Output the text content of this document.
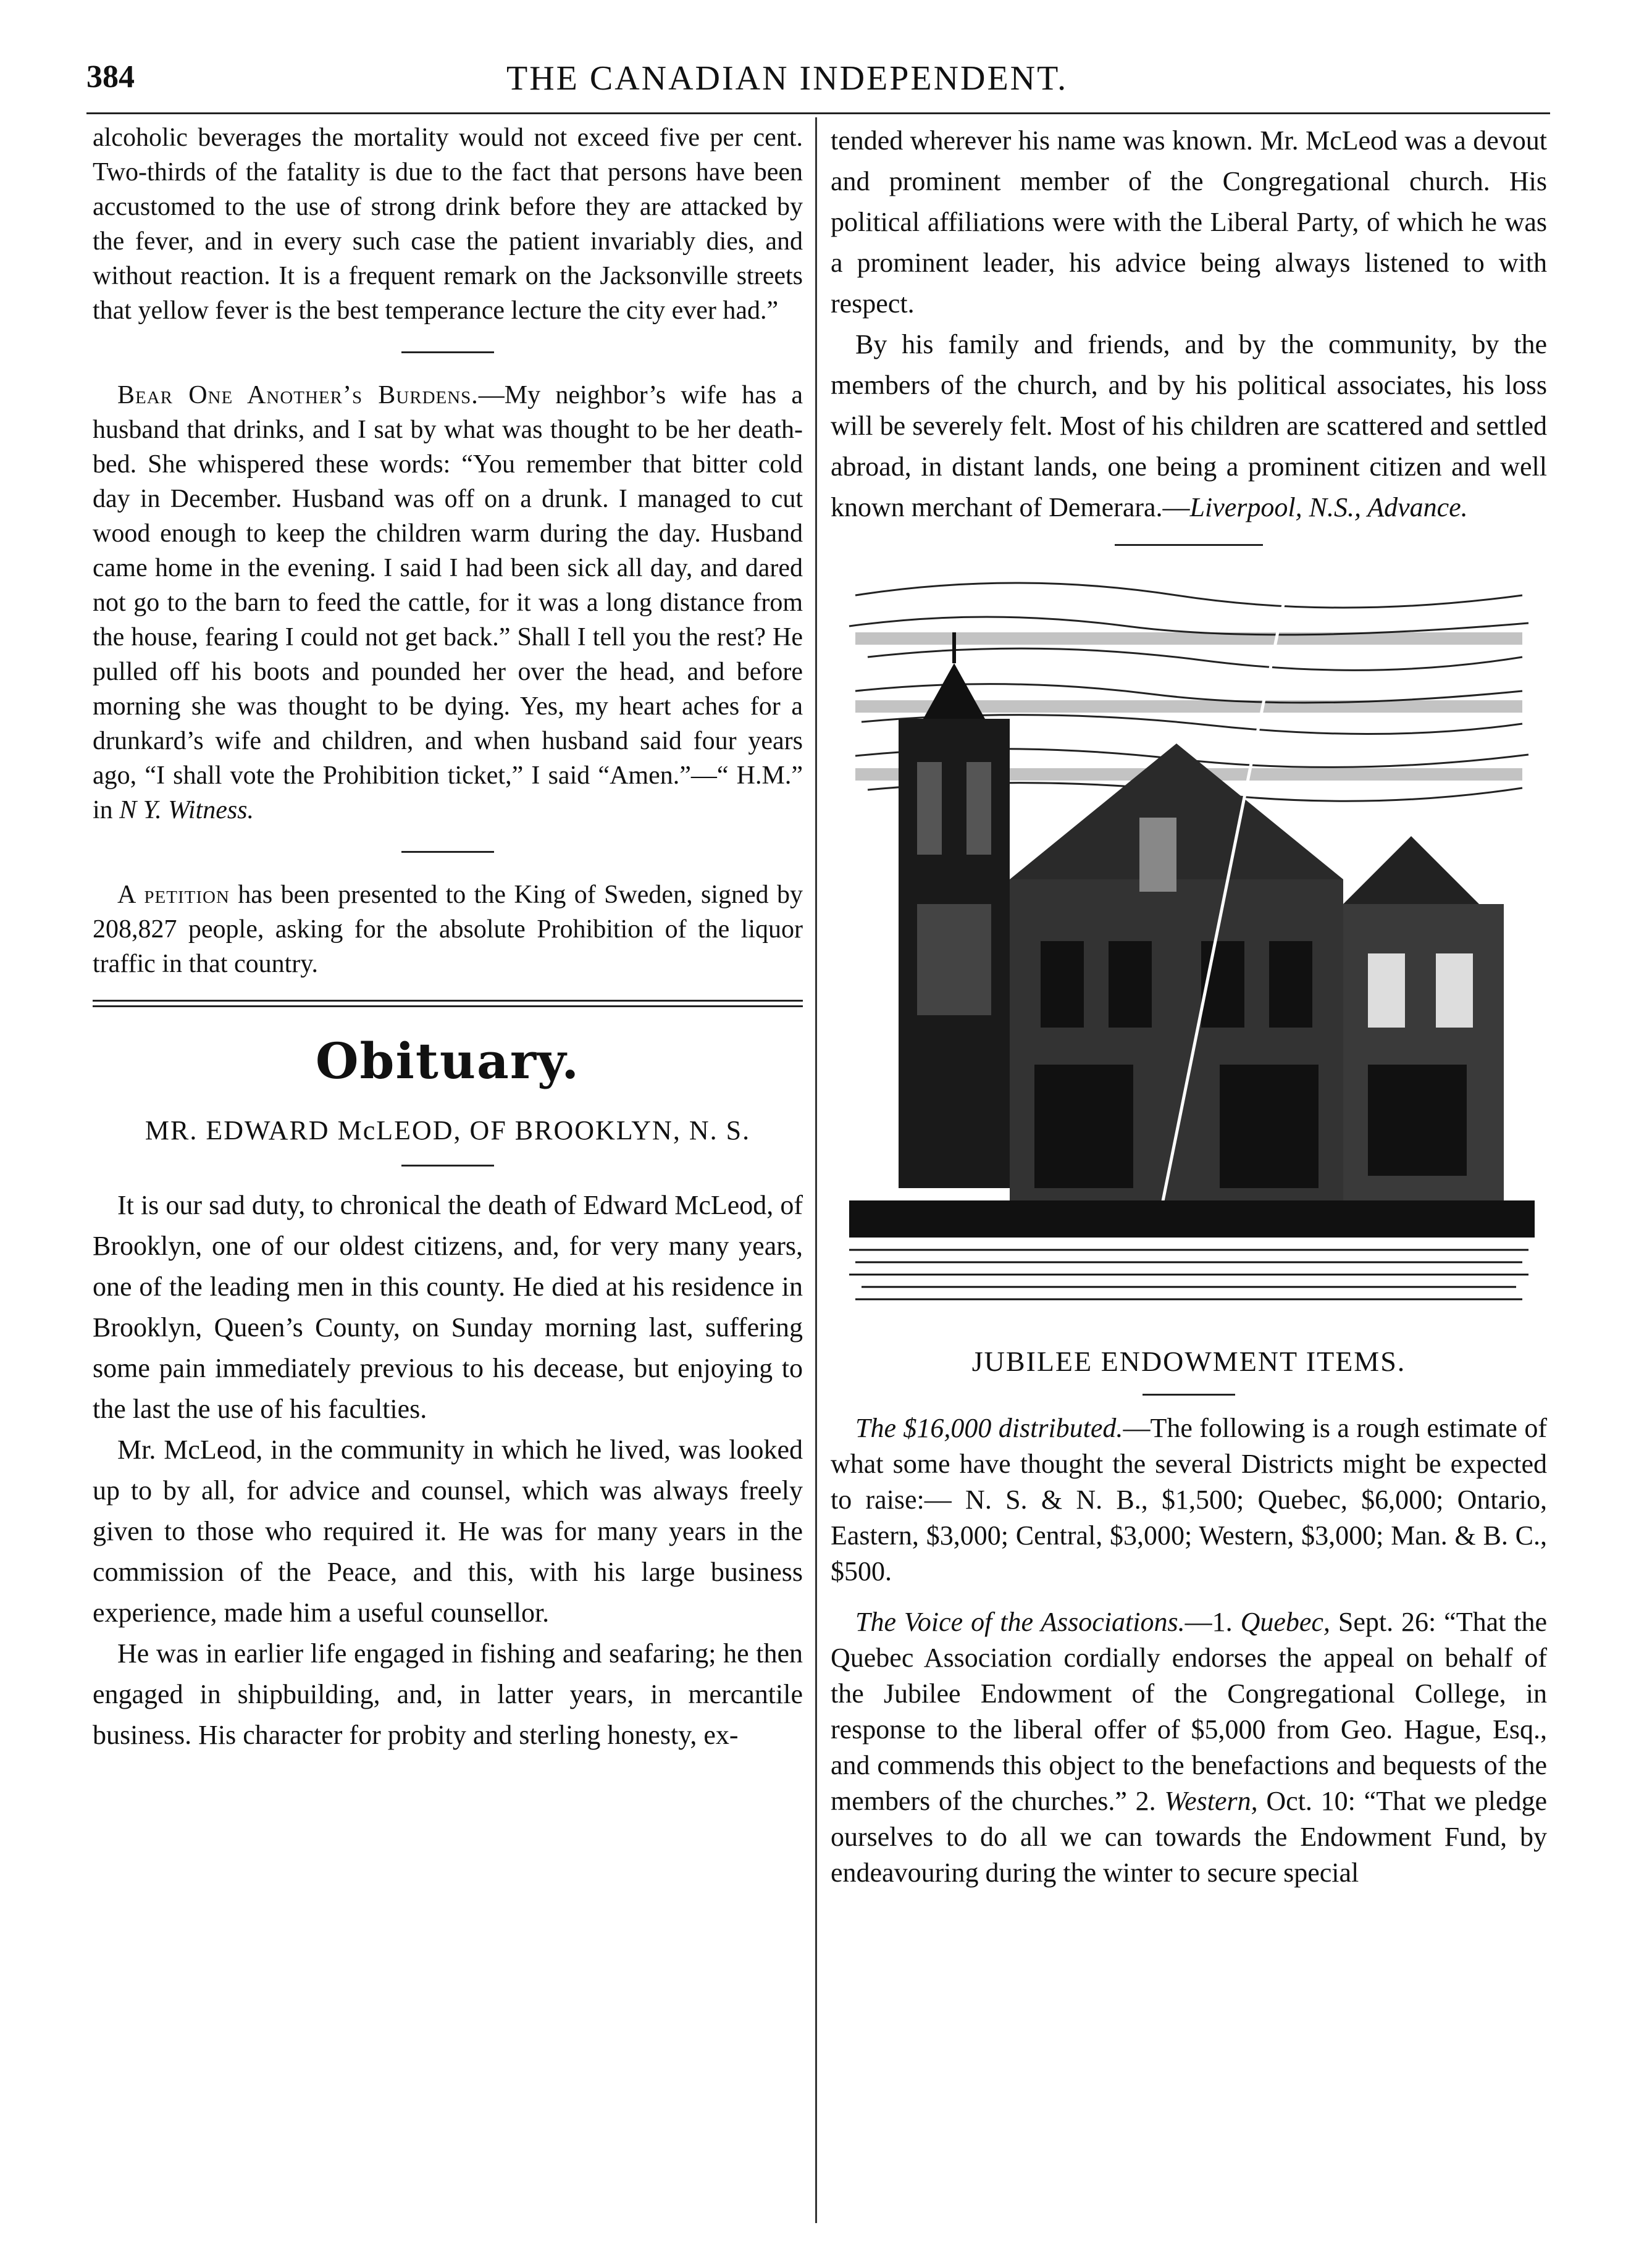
384	THE CANADIAN INDEPENDENT.

alcoholic beverages the mortality would not exceed five per cent. Two-thirds of the fatality is due to the fact that persons have been accustomed to the use of strong drink before they are attacked by the fever, and in every such case the patient invariably dies, and without reaction. It is a frequent remark on the Jacksonville streets that yellow fever is the best temperance lecture the city ever had.”

Bear One Another’s Burdens.—My neighbor’s wife has a husband that drinks, and I sat by what was thought to be her death-bed. She whispered these words: “You remember that bitter cold day in December. Husband was off on a drunk. I managed to cut wood enough to keep the children warm during the day. Husband came home in the evening. I said I had been sick all day, and dared not go to the barn to feed the cattle, for it was a long distance from the house, fearing I could not get back.” Shall I tell you the rest? He pulled off his boots and pounded her over the head, and before morning she was thought to be dying. Yes, my heart aches for a drunkard’s wife and children, and when husband said four years ago, “I shall vote the Prohibition ticket,” I said “Amen.”—“ H.M.” in N Y. Witness.

A petition has been presented to the King of Sweden, signed by 208,827 people, asking for the absolute Prohibition of the liquor traffic in that country.

Obituary.

MR. EDWARD McLEOD, OF BROOKLYN, N. S.

It is our sad duty, to chronical the death of Edward McLeod, of Brooklyn, one of our oldest citizens, and, for very many years, one of the leading men in this county. He died at his residence in Brooklyn, Queen’s County, on Sunday morning last, suffering some pain immediately previous to his decease, but enjoying to the last the use of his faculties.

Mr. McLeod, in the community in which he lived, was looked up to by all, for advice and counsel, which was always freely given to those who required it. He was for many years in the commission of the Peace, and this, with his large business experience, made him a useful counsellor.

He was in earlier life engaged in fishing and seafaring; he then engaged in shipbuilding, and, in latter years, in mercantile business. His character for probity and sterling honesty, ex-

tended wherever his name was known. Mr. McLeod was a devout and prominent member of the Congregational church. His political affiliations were with the Liberal Party, of which he was a prominent leader, his advice being always listened to with respect.

By his family and friends, and by the community, by the members of the church, and by his political associates, his loss will be severely felt. Most of his children are scattered and settled abroad, in distant lands, one being a prominent citizen and well known merchant of Demerara.—Liverpool, N.S., Advance.

JUBILEE ENDOWMENT ITEMS.

The $16,000 distributed.—The following is a rough estimate of what some have thought the several Districts might be expected to raise:— N. S. & N. B., $1,500; Quebec, $6,000; Ontario, Eastern, $3,000; Central, $3,000; Western, $3,000; Man. & B. C., $500.

The Voice of the Associations.—1. Quebec, Sept. 26: “That the Quebec Association cordially endorses the appeal on behalf of the Jubilee Endowment of the Congregational College, in response to the liberal offer of $5,000 from Geo. Hague, Esq., and commends this object to the benefactions and bequests of the members of the churches.” 2. Western, Oct. 10: “That we pledge ourselves to do all we can towards the Endowment Fund, by endeavouring during the winter to secure special
